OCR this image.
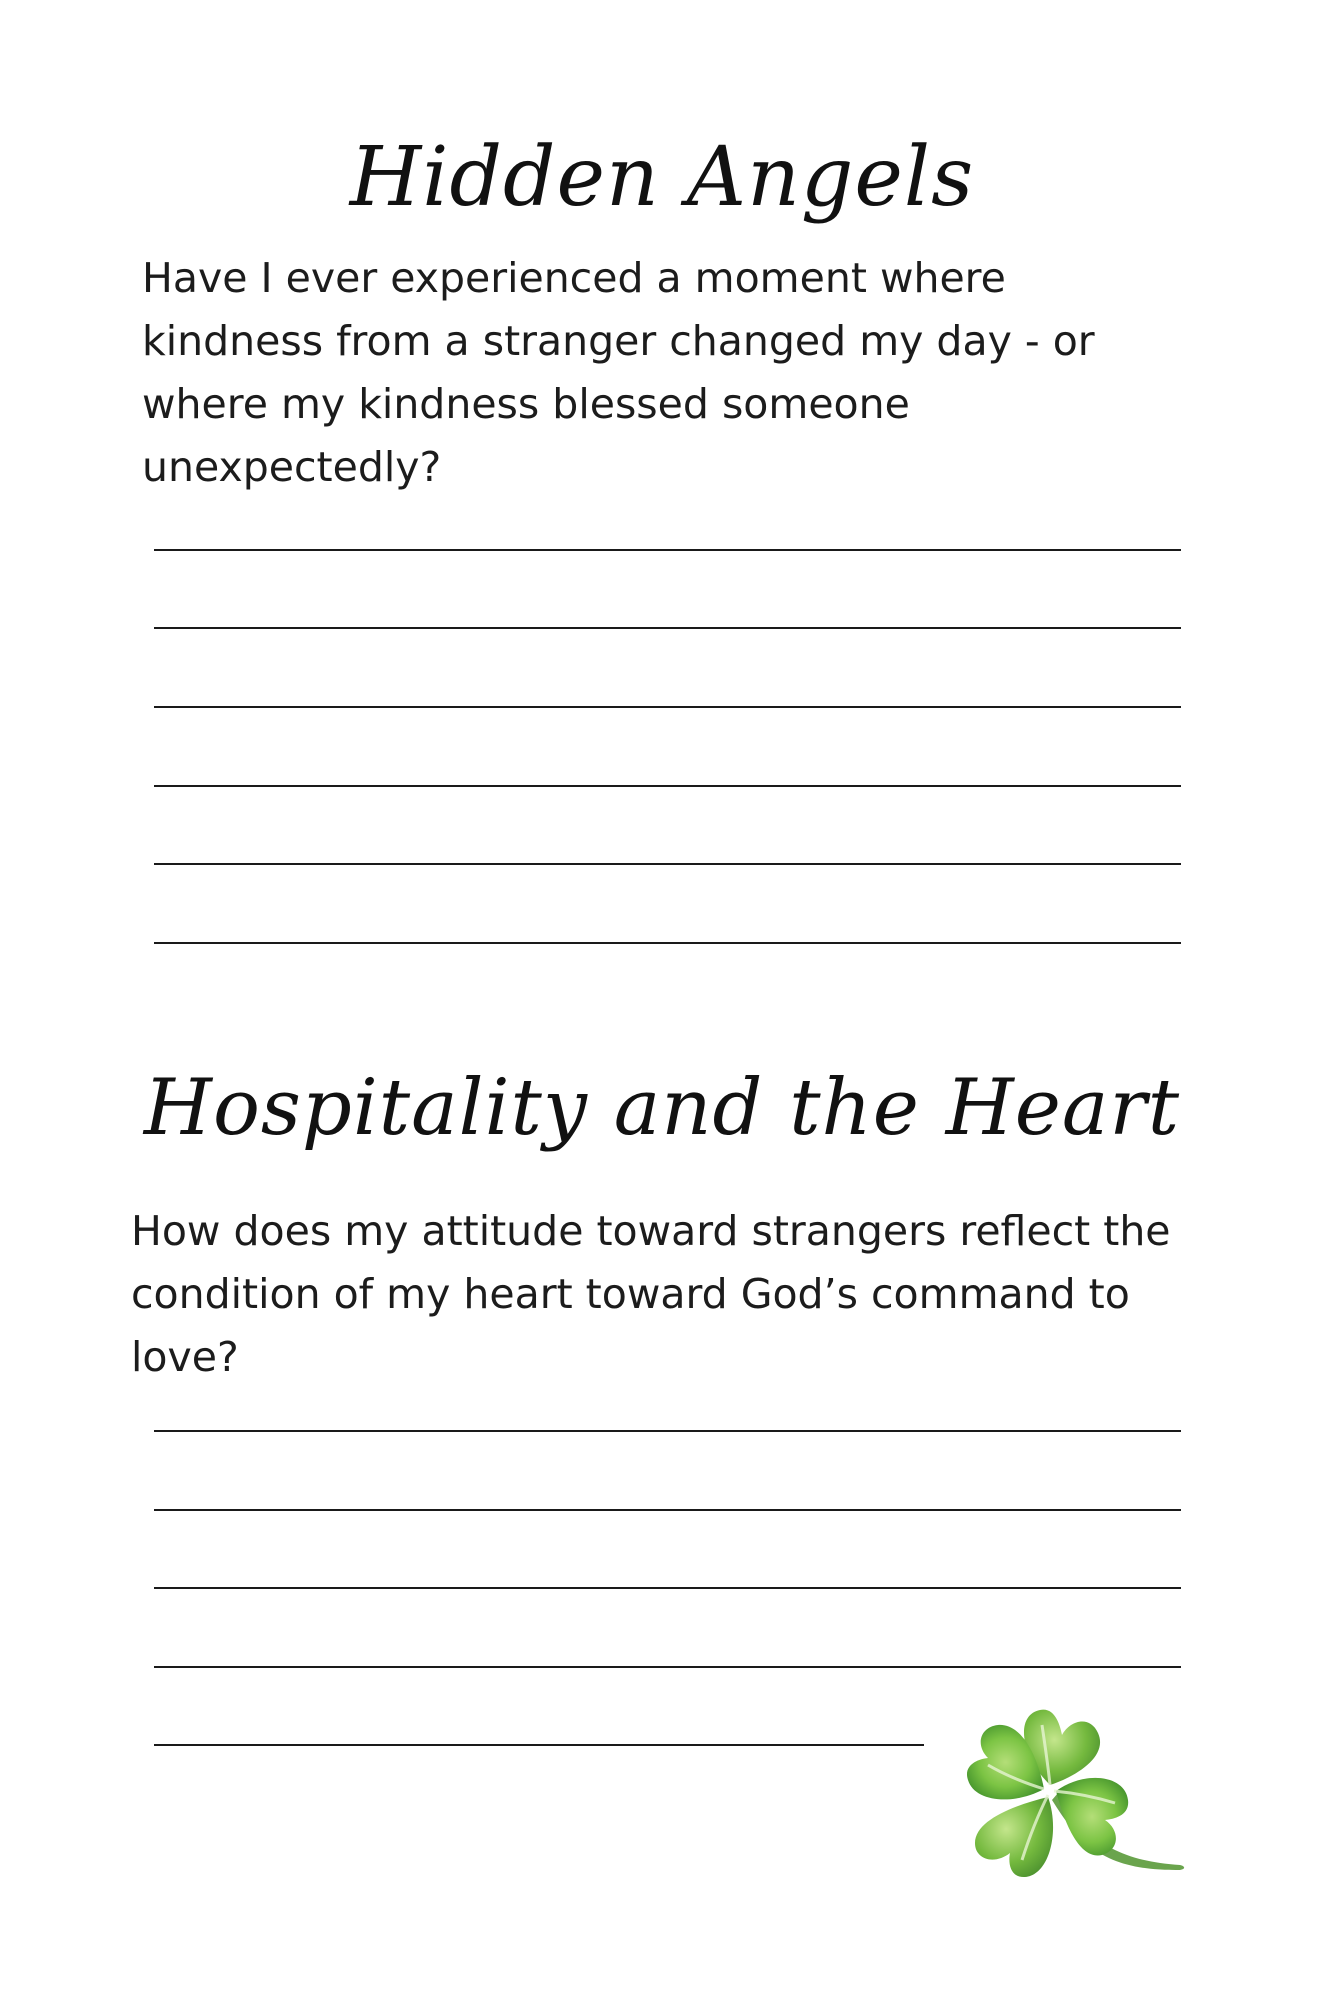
Hidden Angels

Have I ever experienced a moment where kindness from a stranger changed my day - or where my kindness blessed someone unexpectedly?

Hospitality and the Heart

How does my attitude toward strangers reflect the condition of my heart toward God’s command to love?
